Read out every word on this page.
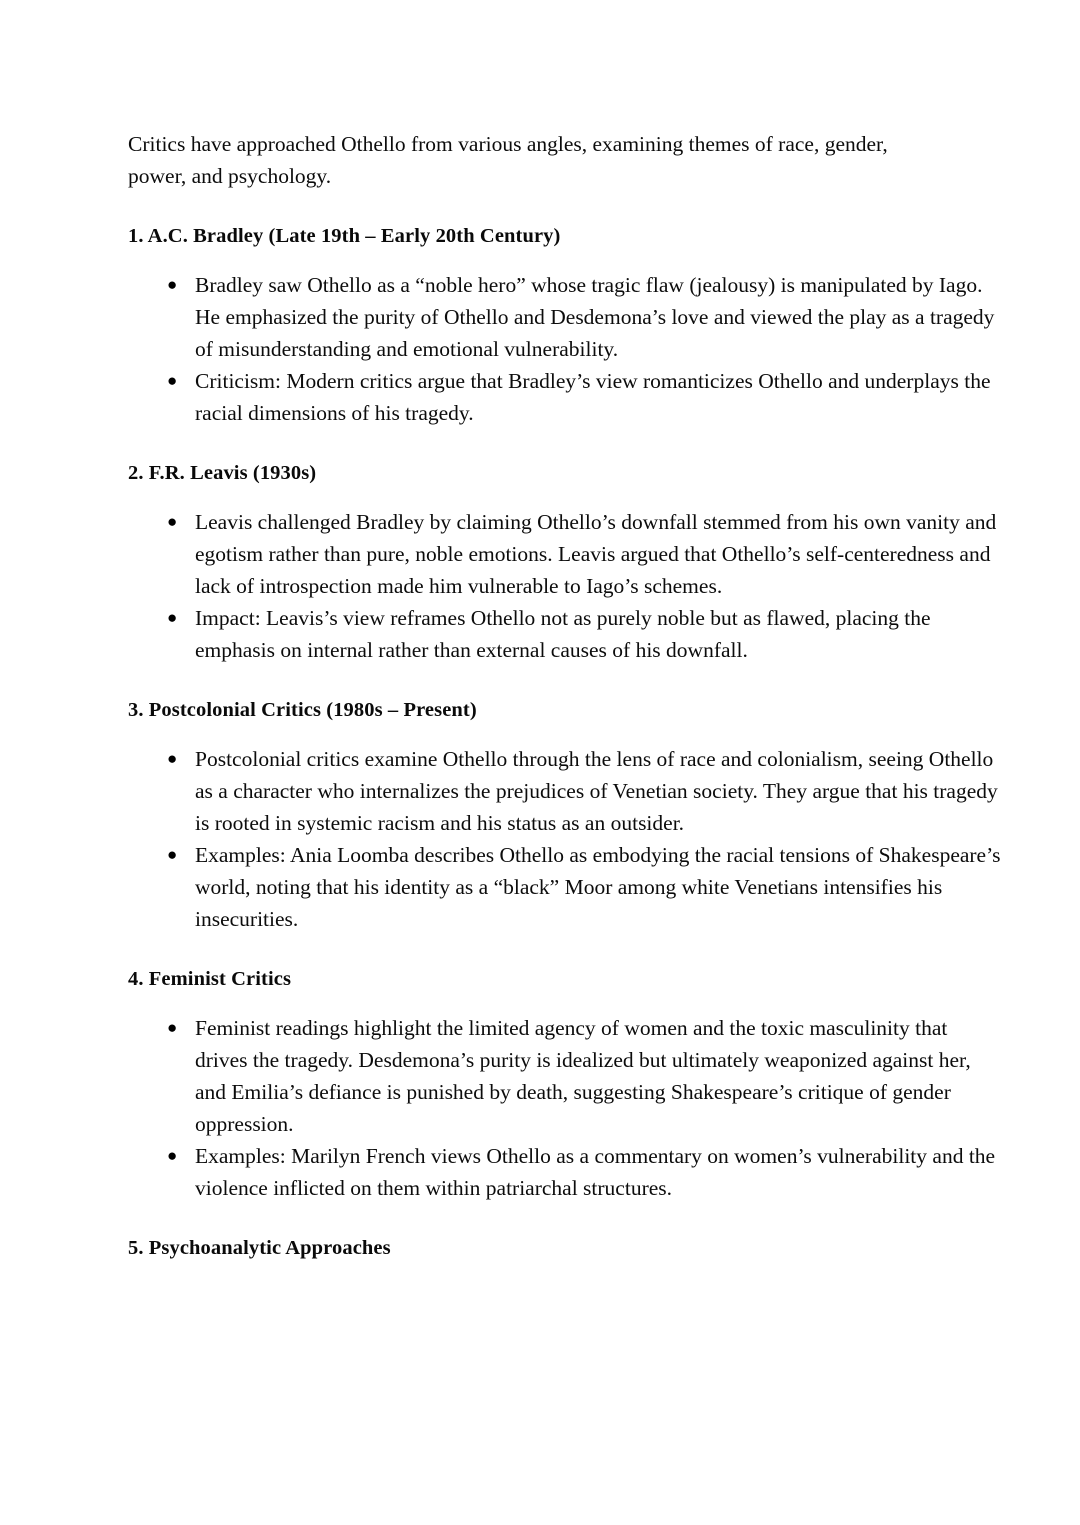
Critics have approached Othello from various angles, examining themes of race, gender, power, and psychology.

1. A.C. Bradley (Late 19th – Early 20th Century)
● Bradley saw Othello as a “noble hero” whose tragic flaw (jealousy) is manipulated by Iago. He emphasized the purity of Othello and Desdemona’s love and viewed the play as a tragedy of misunderstanding and emotional vulnerability.
● Criticism: Modern critics argue that Bradley’s view romanticizes Othello and underplays the racial dimensions of his tragedy.
2. F.R. Leavis (1930s)
● Leavis challenged Bradley by claiming Othello’s downfall stemmed from his own vanity and egotism rather than pure, noble emotions. Leavis argued that Othello’s self-centeredness and lack of introspection made him vulnerable to Iago’s schemes.
● Impact: Leavis’s view reframes Othello not as purely noble but as flawed, placing the emphasis on internal rather than external causes of his downfall.
3. Postcolonial Critics (1980s – Present)
● Postcolonial critics examine Othello through the lens of race and colonialism, seeing Othello as a character who internalizes the prejudices of Venetian society. They argue that his tragedy is rooted in systemic racism and his status as an outsider.
● Examples: Ania Loomba describes Othello as embodying the racial tensions of Shakespeare’s world, noting that his identity as a “black” Moor among white Venetians intensifies his insecurities.
4. Feminist Critics
● Feminist readings highlight the limited agency of women and the toxic masculinity that drives the tragedy. Desdemona’s purity is idealized but ultimately weaponized against her, and Emilia’s defiance is punished by death, suggesting Shakespeare’s critique of gender oppression.
● Examples: Marilyn French views Othello as a commentary on women’s vulnerability and the violence inflicted on them within patriarchal structures.
5. Psychoanalytic Approaches
